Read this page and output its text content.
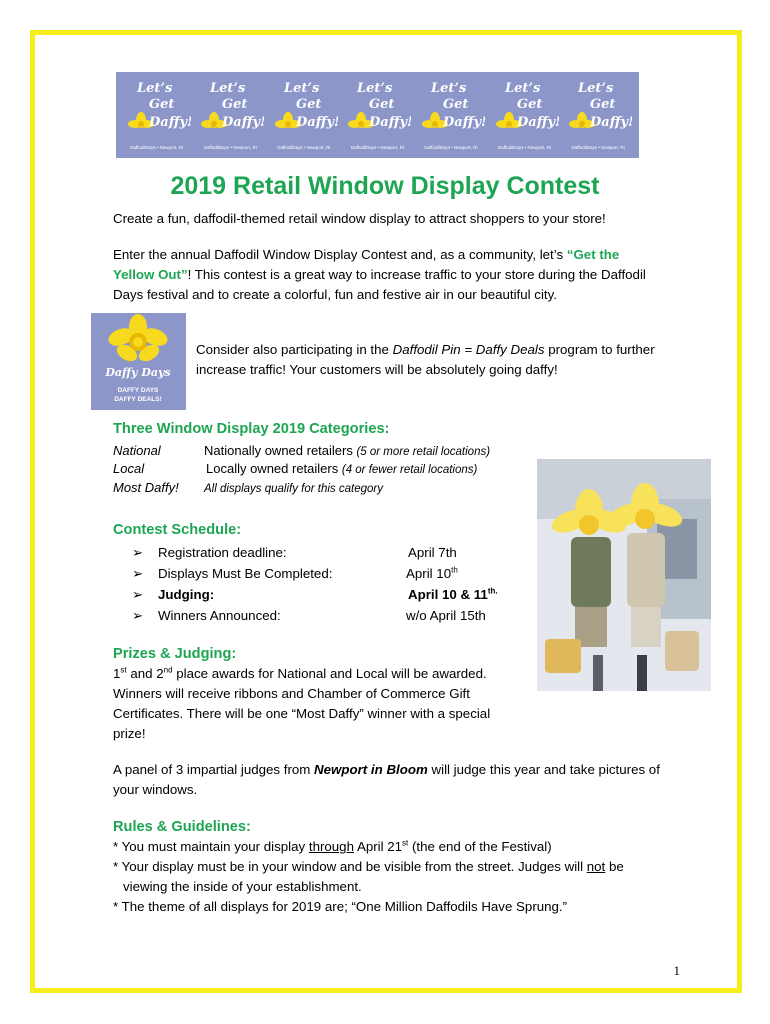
Let’s
Get
Daffy!
DaffodilDays • Newport, RI
Let’s
Get
Daffy!
DaffodilDays • Newport, RI
Let’s
Get
Daffy!
DaffodilDays • Newport, RI
Let’s
Get
Daffy!
DaffodilDays • Newport, RI
Let’s
Get
Daffy!
DaffodilDays • Newport, RI
Let’s
Get
Daffy!
DaffodilDays • Newport, RI
Let’s
Get
Daffy!
DaffodilDays • Newport, RI
2019 Retail Window Display Contest
Create a fun, daffodil-themed retail window display to attract shoppers to your store!
Enter the annual Daffodil Window Display Contest and, as a community, let’s “Get the
Yellow Out”! This contest is a great way to increase traffic to your store during the Daffodil
Days festival and to create a colorful, fun and festive air in our beautiful city.
Daffy Days
DAFFY DAYS
DAFFY DEALS!
Consider also participating in the Daffodil Pin = Daffy Deals program to further
increase traffic! Your customers will be absolutely going daffy!
Three Window Display 2019 Categories:
National	Nationally owned retailers (5 or more retail locations)
Local	Locally owned retailers (4 or fewer retail locations)
Most Daffy! All displays qualify for this category
Contest Schedule:
➢ Registration deadline:	April 7th
➢ Displays Must Be Completed:	April 10th
➢ Judging:	April 10 & $11^{th.}$
➢ Winners Announced:	w/o April 15th
Prizes & Judging:
1st and 2nd place awards for National and Local will be awarded.
Winners will receive ribbons and Chamber of Commerce Gift
Certificates. There will be one “Most Daffy” winner with a special
prize!
A panel of 3 impartial judges from Newport in Bloom will judge this year and take pictures of
your windows.
Rules & Guidelines:
* You must maintain your display through April 21st (the end of the Festival)
* Your display must be in your window and be visible from the street. Judges will not be
viewing the inside of your establishment.
* The theme of all displays for 2019 are; “One Million Daffodils Have Sprung.”
1
